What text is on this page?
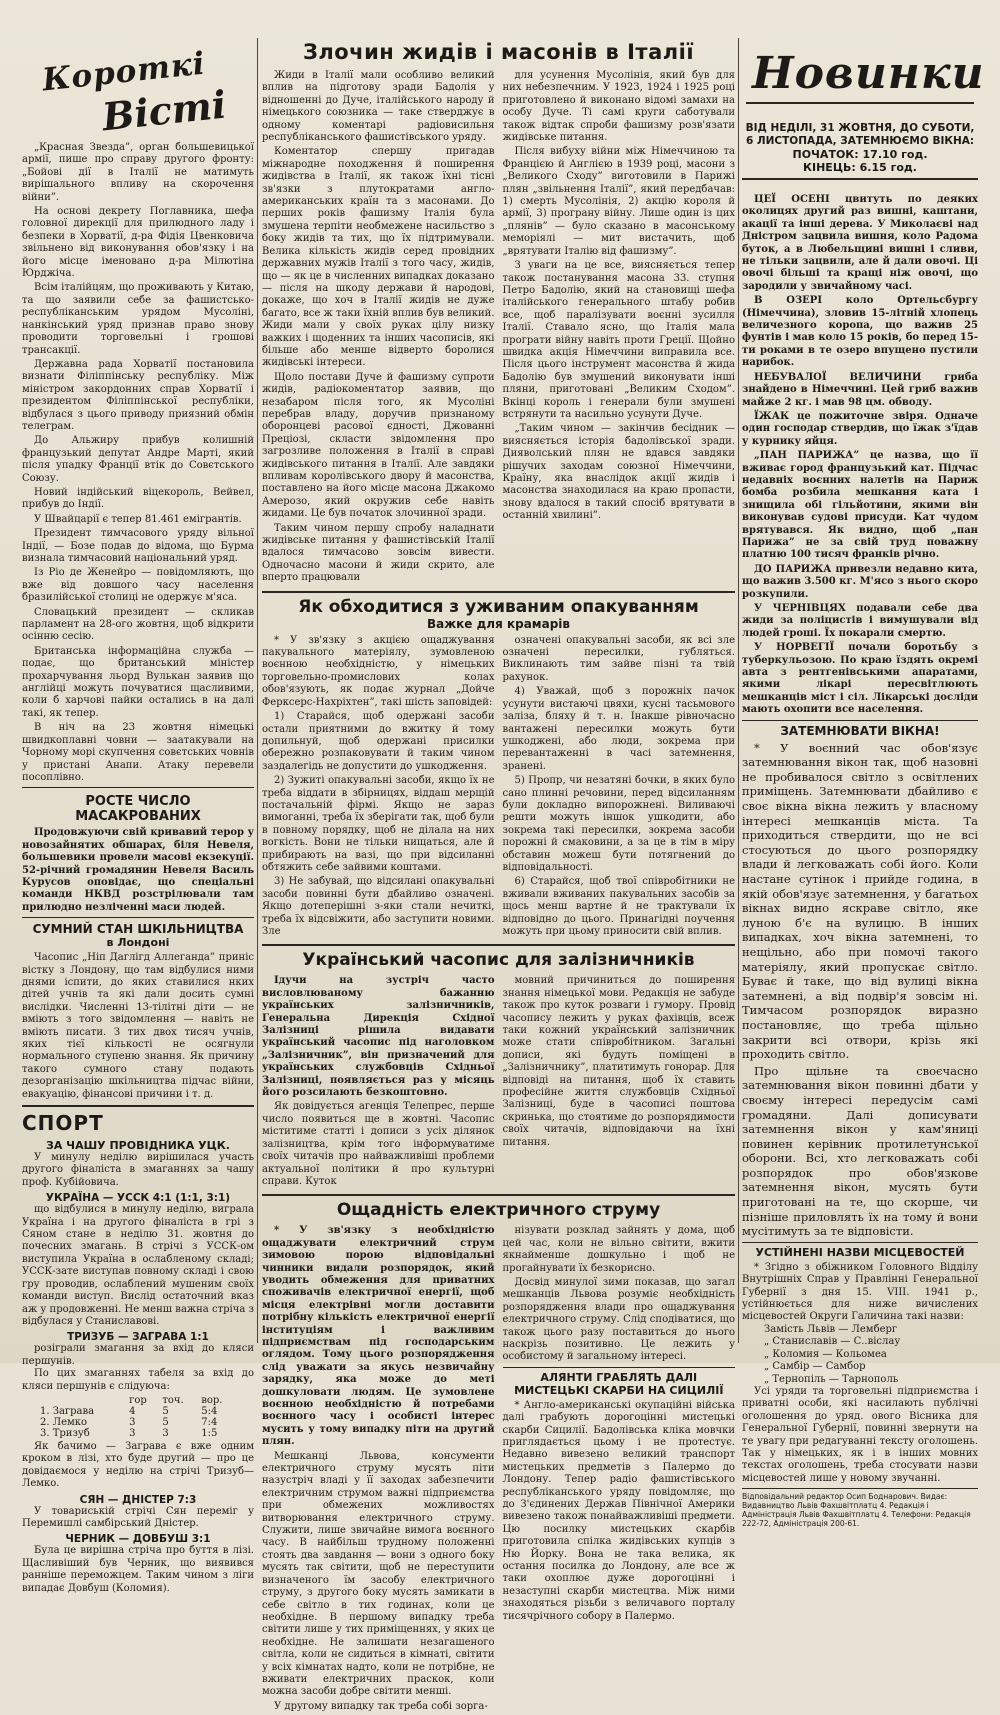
Короткі
Вісті

„Красная Звезда”, орган большевицької армії, пише про справу другого фронту: „Бойові дії в Італії не матимуть вирішального впливу на скорочення війни”.

На основі декрету Поглавника, шефа головної дирекції для прилюдного ладу і безпеки в Хорватії, д-ра Фідія Цвенковича звільнено від виконування обов'язку і на його місце іменовано д-ра Мілютіна Юрджіча.

Всім італійцям, що проживають у Китаю, та що заявили себе за фашистсько-республіканським урядом Мусоліні, нанкінський уряд признав право знову проводити торговельні і грошові трансакції.

Державна рада Хорватії постановила визнати Філіппінську республіку. Між міністром закордонних справ Хорватії і президентом Філіппінської республіки, відбулася з цього приводу приязний обмін телеграм.

До Альжиру прибув колишній французький депутат Андре Марті, який після упадку Франції втік до Совєтського Союзу.

Новий індійський віцекороль, Вейвел, прибув до Індії.

У Швайцарії є тепер 81.461 емігрантів.

Президент тимчасового уряду вільної Індії, — Бозе подав до відома, що Бурма визнала тимчасовий національний уряд.

Із Ріо де Женейро — повідомляють, що вже від довшого часу населення бразилійської столиці не одержує м'яса.

Словацький президент — скликав парламент на 28-ого жовтня, щоб відкрити осінню сесію.

Британська інформаційна служба — подає, що британський міністер прохарчування льорд Вулькан заявив що англійці можуть почуватися щасливими, коли б харчові пайки остались в на далі такі, як тепер.

В ніч на 23 жовтня німецькі швидкоплавні човни — заатакували на Чорному морі скупчення совєтських човнів у пристані Анапи. Атаку перевели посоплівно.

РОСТЕ ЧИСЛО МАСАКРОВАНИХ

Продовжуючи свій кривавий терор у новозайнятих обшарах, біля Невеля, большевики провели масові екзекуції. 52-річний громадянин Невеля Василь Курусов оповідає, що спеціальні команди НКВД розстрілювали там прилюдно незліченні маси людей.

СУМНИЙ СТАН ШКІЛЬНИЦТВА
в Лондоні

Часопис „Ніп Даглігд Аллеганда” приніс вістку з Лондону, що там відбулися ними днями іспити, до яких ставилися нких дітей учнів та які дали досить сумні вислідки. Численні 13-тілітні діти — не вміють з того звідомлення — навіть не вміють писати. З тих двох тисяч учнів, яких тієї кількості не осягнули нормального ступеню знання. Як причину такого сумного стану подають дезорганізацію шкільництва підчас війни, евакуацію, фінансові причини і т. д.

СПОРТ
ЗА ЧАШУ ПРОВІДНИКА УЦК.

У минулу неділю вирішилася участь другого фіналіста в змаганнях за чашу проф. Кубійовича.

УКРАЇНА — УССК 4:1 (1:1, 3:1)

що відбулися в минулу неділю, виграла Україна і на другого фіналіста в грі з Сяном стане в неділю 31. жовтня до почесних змагань. В стрічі з УССК-ом виступила Україна в ослабленому складі; УССК-зате виступав повному складі і свою гру проводив, ослаблений мушеним своїх команди виступ. Вислід остаточний вказ аж у продовженні. Не менш важна стріча з відбулася у Станиславові.

ТРИЗУБ — ЗАГРАВА 1:1

розіграли змагання за вхід до кляси першунів.

По цих змаганнях табеля за вхід до кляси першунів є слідуюча:

	гор	точ.	вор.
1. Заграва	4	5	5:4
2. Лемко	3	5	7:4
3. Тризуб	3	3	1:5

Як бачимо — Заграва є вже одним кроком в лізі, хто буде другий — про це довідаємося у неділю на стрічі Тризуб—Лемко.

СЯН — ДНІСТЕР 7:3

У товариській стрічі Сян переміг у Перемишлі самбірський Дністер.

ЧЕРНИК — ДОВБУШ 3:1

Була це вирішна стріча про буття в лізі. Щасливіший був Черник, що виявився ранніше переможцем. Таким чином з ліги випадає Довбуш (Коломия).

Злочин жидів і масонів в Італії

Жиди в Італії мали особливо великий вплив на підготову зради Бадолія у відношенні до Дуче, італійського народу й німецького союзника — таке стверджує в одному коментарі радіовисильня республіканського фашистівського уряду.

Коментатор спершу пригадав міжнародне походження й поширення жидівства в Італії, як також їхні тісні зв'язки з плутократами англо-американських країн та з масонами. До перших років фашизму Італія була змушена терпіти необмежене насильство з боку жидів та тих, що їх підтримували. Велика кількість жидів серед провідних державних мужів Італії з того часу, жидів, що — як це в численних випадках доказано — після на шкоду держави й народові, докаже, що хоч в Італії жидів не дуже багато, все ж таки їхній вплив був великий. Жиди мали у своїх руках цілу низку важких і щоденних та інших часописів, які більше або менше відверто боролися жидівські інтереси.

Щоло постави Дуче й фашизму супроти жидів, радіокоментатор заявив, що незабаром після того, як Мусоліні перебрав владу, доручив признаному оборонцеві расової єдності, Джованні Преціозі, скласти звідомлення про загрозливе положення в Італії в справі жидівського питання в Італії. Але завдяки впливам королівського двору й масонства, поставлено на його місце масона Джакомо Амерозо, який окружив себе навіть жидами. Це був початок злочинної зради.

Таким чином першу спробу наладнати жидівське питання у фашистівській Італії вдалося тимчасово зовсім вивести. Одночасно масони й жиди скрито, але вперто працювали

для усунення Мусолінія, який був для них небезпечним. У 1923, 1924 і 1925 році приготовлено й виконано відомі замахи на особу Дуче. Ті самі круги саботували також відтак спроби фашизму розв'язати жидівське питання.

Після вибуху війни між Німеччиною та Францією й Англією в 1939 році, масони з „Великого Сходу” виготовили в Парижі плян „звільнення Італії”, який передбачав: 1) смерть Мусолінія, 2) акцію короля й армії, 3) програну війну. Лише один із цих „плянів” — було сказано в масонському меморіялі — мит вистачить, щоб „врятувати Італію від фашизму”.

З уваги на це все, виясняється тепер також постанування масона 33. ступня Петро Бадолію, який на становищі шефа італійського генерального штабу робив все, щоб паралізувати воєнні зусилля Італії. Ставало ясно, що Італія мала програти війну навіть проти Греції. Щойно швидка акція Німеччини виправила все. Після цього інструмент масонства й жида Бадолію був змушений виконувати інші пляни, приготовані „Великим Сходом”. Вкінці король і генерали були змушені встрянути та насильно усунути Дуче.

„Таким чином — закінчив бесідник — виясняється історія бадолівської зради. Дияволський плян не вдався завдяки рішучих заходам союзної Німеччини, Країну, яка внаслідок акції жидів і масонства знаходилася на краю пропасти, знову вдалося в такий спосіб врятувати в останній хвилині”.

Як обходитися з уживаним опакуванням
Важке для крамарів

* У зв'язку з акцією ощаджування пакувального матеріялу, зумовленою воєнною необхідністю, у німецьких торговельно-промислових колах обов'язують, як подає журнал „Дойче Ферксерс-Нахріхтен”, такі шість заповідей:

1) Старайся, щоб одержані засоби остали приятними до вжитку й тому допильнуй, щоб одержані присилки обережно розпаковувати й таким чином заздалегідь не допустити до ушкодження.

2) Зужиті опакувальні засоби, якщо їх не треба віддати в збірницях, віддаш мерщій постачальній фірмі. Якщо не зараз вимоганні, треба їх зберігати так, щоб були в повному порядку, щоб не ділала на них вогкість. Вони не тільки нищаться, але й прибирають на вазі, що при відсиланні обтяжить себе зайвими коштами.

3) Не забувай, що відсилані опакувальні засоби повинні бути дбайливо означені. Якщо дотеперішні з-яки стали нечиткі, треба їх відсвіжити, або заступити новими. Зле

означені опакувальні засоби, як всі зле означені пересилки, губляться. Виклинають тим зайве пізні та твій рахунок.

4) Уважай, щоб з порожніх пачок усунути вистаючі цвяхи, кусні тасьмового заліза, бляху й т. н. Інакше рівночасно вантажені пересилки можуть бути ушкоджені, або люди, зокрема при перевантаженні в часі затемнення, зранені.

5) Пропр, чи незатяні бочки, в яких було сано плинні речовини, перед відсиланням були докладно випорожнені. Виливаючі решти можуть іншок ушкодити, або зокрема такі пересилки, зокрема засоби порожні й смаковини, а за це в тім в міру обставин можеш бути потягнений до відповідальності.

6) Старайся, щоб твої співробітники не вживали вживаних пакувальних засобів за щось менш вартне й не трактували їх відповідно до цього. Принагідні поучення можуть при цьому приносити свій вплив.

Український часопис для залізничників

Ідучи на зустріч часто висловлюваному бажанню українських залізничників, Генеральна Дирекція Східної Залізниці рішила видавати український часопис під наголовком „Залізничник”, він призначений для українських службовців Східньої Залізниці, появляється раз у місяць його розсилають безкоштовно.

Як довідується агенція Телепрес, перше число появиться ще в жовтні. Часопис міститиме статті і дописи з усіх ділянок залізництва, крім того інформуватиме своїх читачів про найважливіші проблеми актуальної політики й про культурні справи. Куток

мовний причиниться до поширення знання німецької мови. Редакція не забуде також про куток розваги і гумору. Провід часопису лежить у руках фахівців, всеж таки кожний український залізничник може стати співробітником. Загальні дописи, які будуть поміщені в „Залізничнику”, платитимуть гонорар. Для відповіді на питання, щоб їх ставить професійне життя службовців Східньої Залізниці, буде в часописі поштова скринька, що стоятиме до розпорядимости своїх читачів, відповідаючи на їхні питання.

Ощадність електричного струму

* У зв'язку з необхідністю ощаджувати електричний струм зимовою порою відповідальні чинники видали розпорядок, який уводить обмеження для приватних споживачів електричної енергії, щоб місця електрівні могли доставити потрібну кількість електричної енергії інституціям і важливим підприємствам під господарським оглядом. Тому цього розпорядження слід уважати за якусь незвичайну зарядку, яка може до меті дошкуловати людям. Це зумовлене воєнною необхідністю й потребами воєнного часу і особисті інтерес мусить у тому випадку піти на другий плян.

Мешканці Львова, консументи електричного струму мусять піти назустріч владі у її заходах забезпечити електричним струмом важні підприємства при обмежених можливостях витворювання електричного струму. Служити, лише звичайне вимога воєнного часу. В найбільш трудному положенні стоять два завдання — вони з одного боку мусять так світити, щоб не переступити визначеного їм засобу електричного струму, з другого боку мусять замикати в себе світло в тих годинах, коли це необхідне. В першому випадку треба світити лише у тих приміщеннях, у яких це необхідне. Не залишати незагашеного світла, коли не сидиться в кімнаті, світити у всіх кімнатах надто, коли не потрібне, не вживати електричних праскок, коли можна засоби добре світити менші.

У другому випадку так треба собі зорга-

нізувати розклад зайнять у дома, щоб цей час, коли не вільно світити, вжити якнайменше дошкульно і щоб не прогайнувати їх безкорисно.

Досвід минулої зими показав, що загал мешканців Львова розуміє необхідність розпорядження влади про ощаджування електричного струму. Слід сподіватися, що також цього разу поставиться до нього наскрізь позитивно. Це лежить у особистому й загальному інтересі.

АЛЯНТИ ГРАБЛЯТЬ ДАЛІ МИСТЕЦЬКІ СКАРБИ НА СИЦИЛІЇ

* Англо-американські окупаційні війська далі грабують дорогоцінні мистецькі скарби Сицилії. Бадолівська кліка мовчки приглядається цьому і не протестує. Недавно вивезено великий транспорт мистецьких предметів з Палермо до Лондону. Тепер радіо фашистівського республіканського уряду повідомляє, що до З'єдинених Держав Північної Америки вивезено також понайважливіші предмети. Цю посилку мистецьких скарбів приготовила спілка жидівських купців з Ню Йорку. Вона не така велика, як остання посилка до Лондону, але все ж таки охоплює дуже дорогоцінні і незаступні скарби мистецтва. Між ними знаходяться різьби з величавого порталу тисячрічного собору в Палермо.

Новинки
ВІД НЕДІЛІ, 31 ЖОВТНЯ, ДО СУБОТИ, 6 ЛИСТОПАДА, ЗАТЕМНЮЄМО ВІКНА:
ПОЧАТОК: 17.10 год.
КІНЕЦЬ: 6.15 год.

ЦЕЇ ОСЕНІ цвитуть по деяких околицях другий раз вишні, каштани, акації та інші дерева. У Миколаєві над Дністром зацвила вишня, коло Радома буток, а в Любельщині вишні і сливи, не тільки зацвили, але й дали овочі. Ці овочі більші та кращі ніж овочі, що зародили у звичайному часі.

В ОЗЕРІ коло Ортельсбургу (Німеччина), зловив 15-літній хлопець величезного коропа, що важив 25 фунтів і мав коло 15 років, бо перед 15-ти роками в те озеро впущено пустили нарибок.

НЕБУВАЛОЇ ВЕЛИЧИНИ гриба знайдено в Німеччині. Цей гриб важив майже 2 кг. і мав 98 цм. обводу.

ЇЖАК це пожиточне звіря. Одначе один господар ствердив, що їжак з'їдав у курнику яйця.

„ПАН ПАРИЖА” це назва, що її вживає город французький кат. Підчас недавніх воєнних налетів на Париж бомба розбила мешкання ката і знищила обі гільйотини, якими він виконував судові присуди. Кат чудом врятувався. Як видно, щоб „пан Парижа” не за свій труд поважну платню 100 тисяч франків річно.

ДО ПАРИЖА привезли недавно кита, що важив 3.500 кг. М'ясо з нього скоро розкупили.

У ЧЕРНІВЦЯХ подавали себе два жиди за поліцистів і вимушували від людей гроші. Їх покарали смертю.

У НОРВЕГІЇ почали боротьбу з туберкульозою. По краю їздять окремі авта з рентгенівськими апаратами, якими лікарі пересвітлюють мешканців міст і сіл. Лікарські досліди мають охопити все населення.

ЗАТЕМНЮВАТИ ВІКНА!

* У воєнний час обов'язує затемнювання вікон так, щоб назовні не пробивалося світло з освітлених приміщень. Затемнювати дбайливо є своє вікна вікна лежить у власному інтересі мешканців міста. Та приходиться ствердити, що не всі стосуються до цього розпорядку влади й легковажать собі його. Коли настане сутінок і прийде година, в якій обов'язує затемнення, у багатьох вікнах видно яскраве світло, яке луною б'є на вулицю. В інших випадках, хоч вікна затемнені, то нещільно, або при помочі такого матеріялу, який пропускає світло. Буває й таке, що від вулиці вікна затемнені, а від подвір'я зовсім ні. Тимчасом розпорядок виразно постановляє, що треба щільно закрити всі отвори, крізь які проходить світло.

Про щільне та своєчасно затемнювання вікон повинні дбати у своєму інтересі передусім самі громадяни. Далі дописувати затемнення вікон у кам'яниці повинен керівник протилетунської оборони. Всі, хто легковажать собі розпорядок про обов'язкове затемнення вікон, мусять бути приготовані на те, що скорше, чи пізніше приловлять їх на тому й вони мусітимуть за те відповісти.

УСТІЙНЕНІ НАЗВИ МІСЦЕВОСТЕЙ

* Згідно з обіжником Головного Відділу Внутрішніх Справ у Правлінні Генеральної Губернії з дня 15. VIII. 1941 р., устійнюється для ниже вичислених місцевостей Округи Галичина такі назви:

Замість Львів — Лемберг
„ Станиславів — С..віслау
„ Коломия — Кольомеа
„ Самбір — Самбор
„ Тернопіль — Тарнополь

Усі уряди та торговельні підприємства і приватні особи, які насилають публічні оголошення до уряд. ового Вісника для Генеральної Губернії, повинні звернути на те увагу при редагуванні тексту оголошень. Так у німецьких, як і в інших мовних текстах оголошень, треба стосувати назви місцевостей лише у новому звучанні.

Відповідальний редактор Осип Боднарович. Видає: Видавництво Львів Фахшвітплатц 4. Редакція і Адміністрація Львів Фахшвітплатц 4. Телефони: Редакція 222-72, Адміністрація 200-61.
